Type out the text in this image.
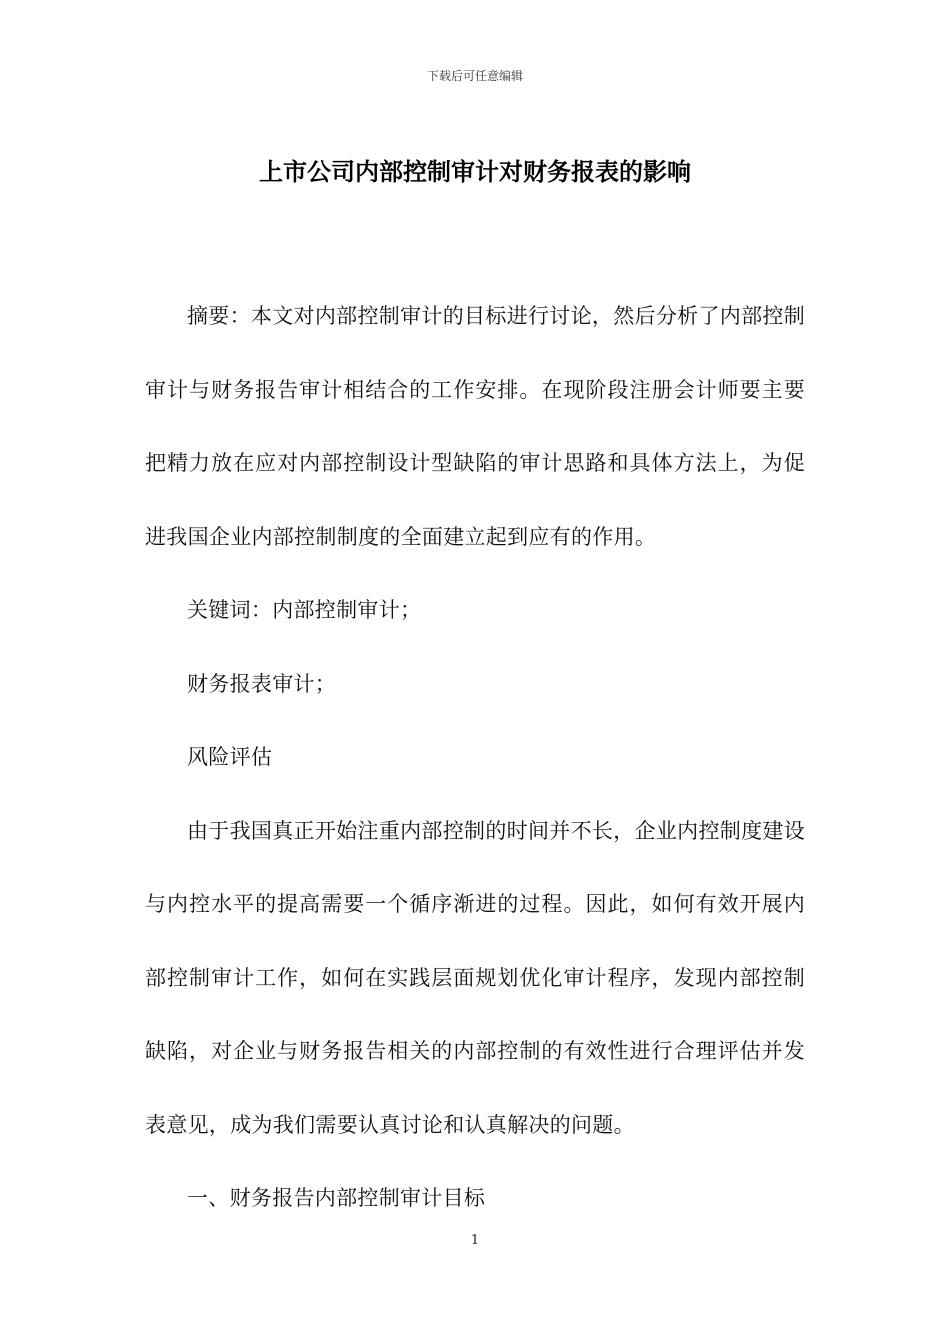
下载后可任意编辑
上市公司内部控制审计对财务报表的影响

摘要：本文对内部控制审计的目标进行讨论，然后分析了内部控制审计与财务报告审计相结合的工作安排。在现阶段注册会计师要主要把精力放在应对内部控制设计型缺陷的审计思路和具体方法上，为促进我国企业内部控制制度的全面建立起到应有的作用。

关键词：内部控制审计；

财务报表审计；

风险评估

由于我国真正开始注重内部控制的时间并不长，企业内控制度建设与内控水平的提高需要一个循序渐进的过程。因此，如何有效开展内部控制审计工作，如何在实践层面规划优化审计程序，发现内部控制缺陷，对企业与财务报告相关的内部控制的有效性进行合理评估并发表意见，成为我们需要认真讨论和认真解决的问题。

一、财务报告内部控制审计目标

1
